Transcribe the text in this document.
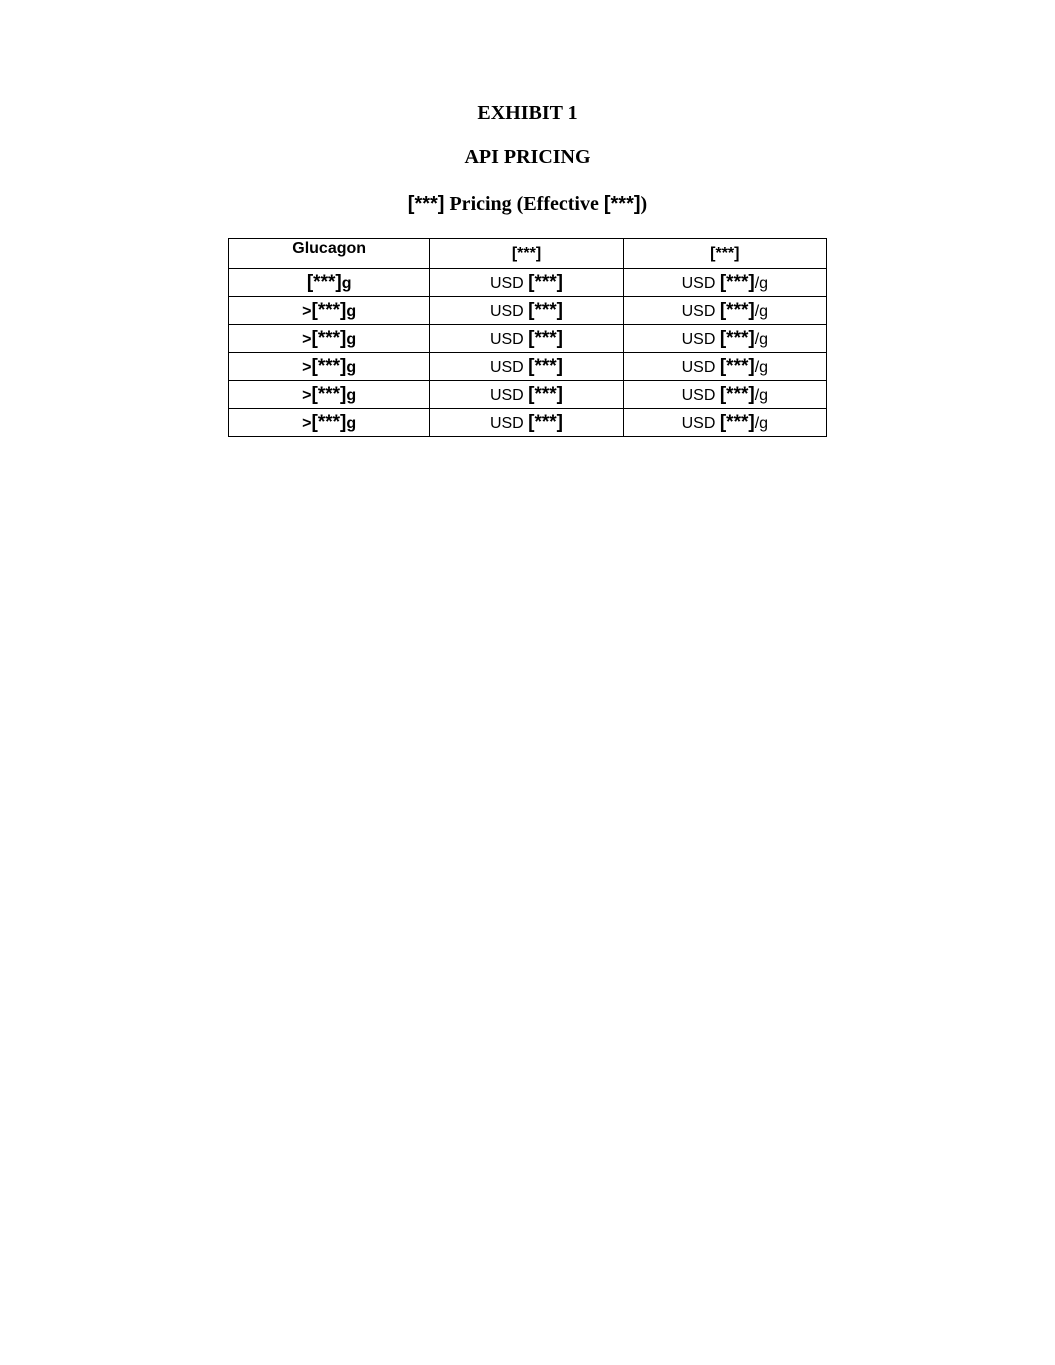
EXHIBIT 1
API PRICING
[***] Pricing (Effective [***])
Glucagon	[***]	[***]
[***]g	USD [***]	USD [***]/g
>[***]g	USD [***]	USD [***]/g
>[***]g	USD [***]	USD [***]/g
>[***]g	USD [***]	USD [***]/g
>[***]g	USD [***]	USD [***]/g
>[***]g	USD [***]	USD [***]/g
